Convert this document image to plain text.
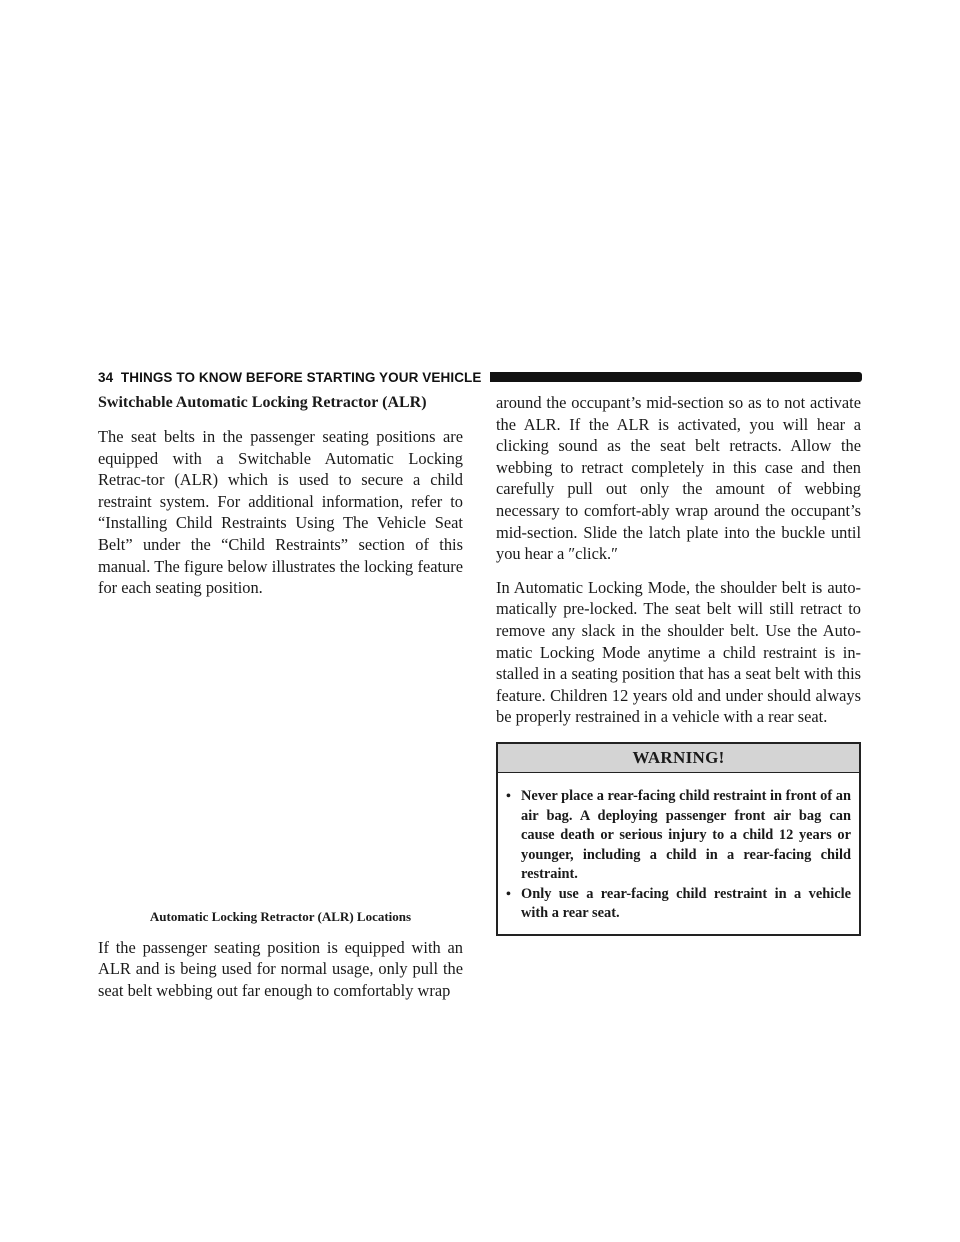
34 THINGS TO KNOW BEFORE STARTING YOUR VEHICLE
Switchable Automatic Locking Retractor (ALR)

The seat belts in the passenger seating positions are equipped with a Switchable Automatic Locking Retrac-tor (ALR) which is used to secure a child restraint system. For additional information, refer to “Installing Child Restraints Using The Vehicle Seat Belt” under the “Child Restraints” section of this manual. The figure below illustrates the locking feature for each seating position.

Automatic Locking Retractor (ALR) Locations

If the passenger seating position is equipped with an ALR and is being used for normal usage, only pull the seat belt webbing out far enough to comfortably wrap

around the occupant’s mid-section so as to not activate the ALR. If the ALR is activated, you will hear a clicking sound as the seat belt retracts. Allow the webbing to retract completely in this case and then carefully pull out only the amount of webbing necessary to comfort-ably wrap around the occupant’s mid-section. Slide the latch plate into the buckle until you hear a ″click.″

In Automatic Locking Mode, the shoulder belt is auto-matically pre-locked. The seat belt will still retract to remove any slack in the shoulder belt. Use the Auto-matic Locking Mode anytime a child restraint is in-stalled in a seating position that has a seat belt with this feature. Children 12 years old and under should always be properly restrained in a vehicle with a rear seat.

WARNING!
• Never place a rear-facing child restraint in front of an air bag. A deploying passenger front air bag can cause death or serious injury to a child 12 years or younger, including a child in a rear-facing child restraint.
• Only use a rear-facing child restraint in a vehicle with a rear seat.
